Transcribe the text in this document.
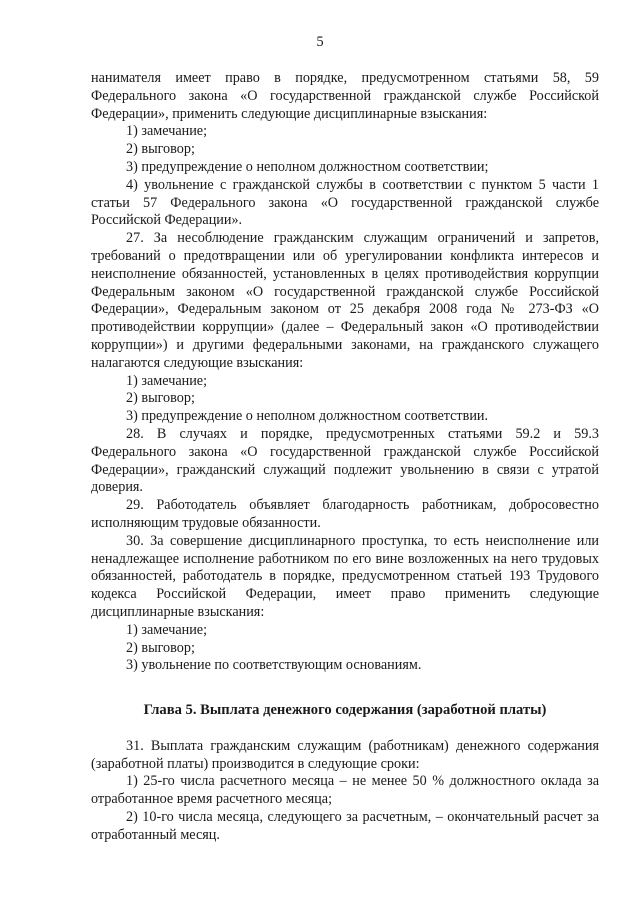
5

нанимателя имеет право в порядке, предусмотренном статьями 58, 59 Федерального закона «О государственной гражданской службе Российской Федерации», применить следующие дисциплинарные взыскания:

1) замечание;

2) выговор;

3) предупреждение о неполном должностном соответствии;

4) увольнение с гражданской службы в соответствии с пунктом 5 части 1 статьи 57 Федерального закона «О государственной гражданской службе Российской Федерации».

27. За несоблюдение гражданским служащим ограничений и запретов, требований о предотвращении или об урегулировании конфликта интересов и неисполнение обязанностей, установленных в целях противодействия коррупции Федеральным законом «О государственной гражданской службе Российской Федерации», Федеральным законом от 25 декабря 2008 года № 273-ФЗ «О противодействии коррупции» (далее – Федеральный закон «О противодействии коррупции») и другими федеральными законами, на гражданского служащего налагаются следующие взыскания:

1) замечание;

2) выговор;

3) предупреждение о неполном должностном соответствии.

28. В случаях и порядке, предусмотренных статьями 59.2 и 59.3 Федерального закона «О государственной гражданской службе Российской Федерации», гражданский служащий подлежит увольнению в связи с утратой доверия.

29. Работодатель объявляет благодарность работникам, добросовестно исполняющим трудовые обязанности.

30. За совершение дисциплинарного проступка, то есть неисполнение или ненадлежащее исполнение работником по его вине возложенных на него трудовых обязанностей, работодатель в порядке, предусмотренном статьей 193 Трудового кодекса Российской Федерации, имеет право применить следующие дисциплинарные взыскания:

1) замечание;

2) выговор;

3) увольнение по соответствующим основаниям.

Глава 5. Выплата денежного содержания (заработной платы)

31. Выплата гражданским служащим (работникам) денежного содержания (заработной платы) производится в следующие сроки:

1) 25-го числа расчетного месяца – не менее 50 % должностного оклада за отработанное время расчетного месяца;

2) 10-го числа месяца, следующего за расчетным, – окончательный расчет за отработанный месяц.
